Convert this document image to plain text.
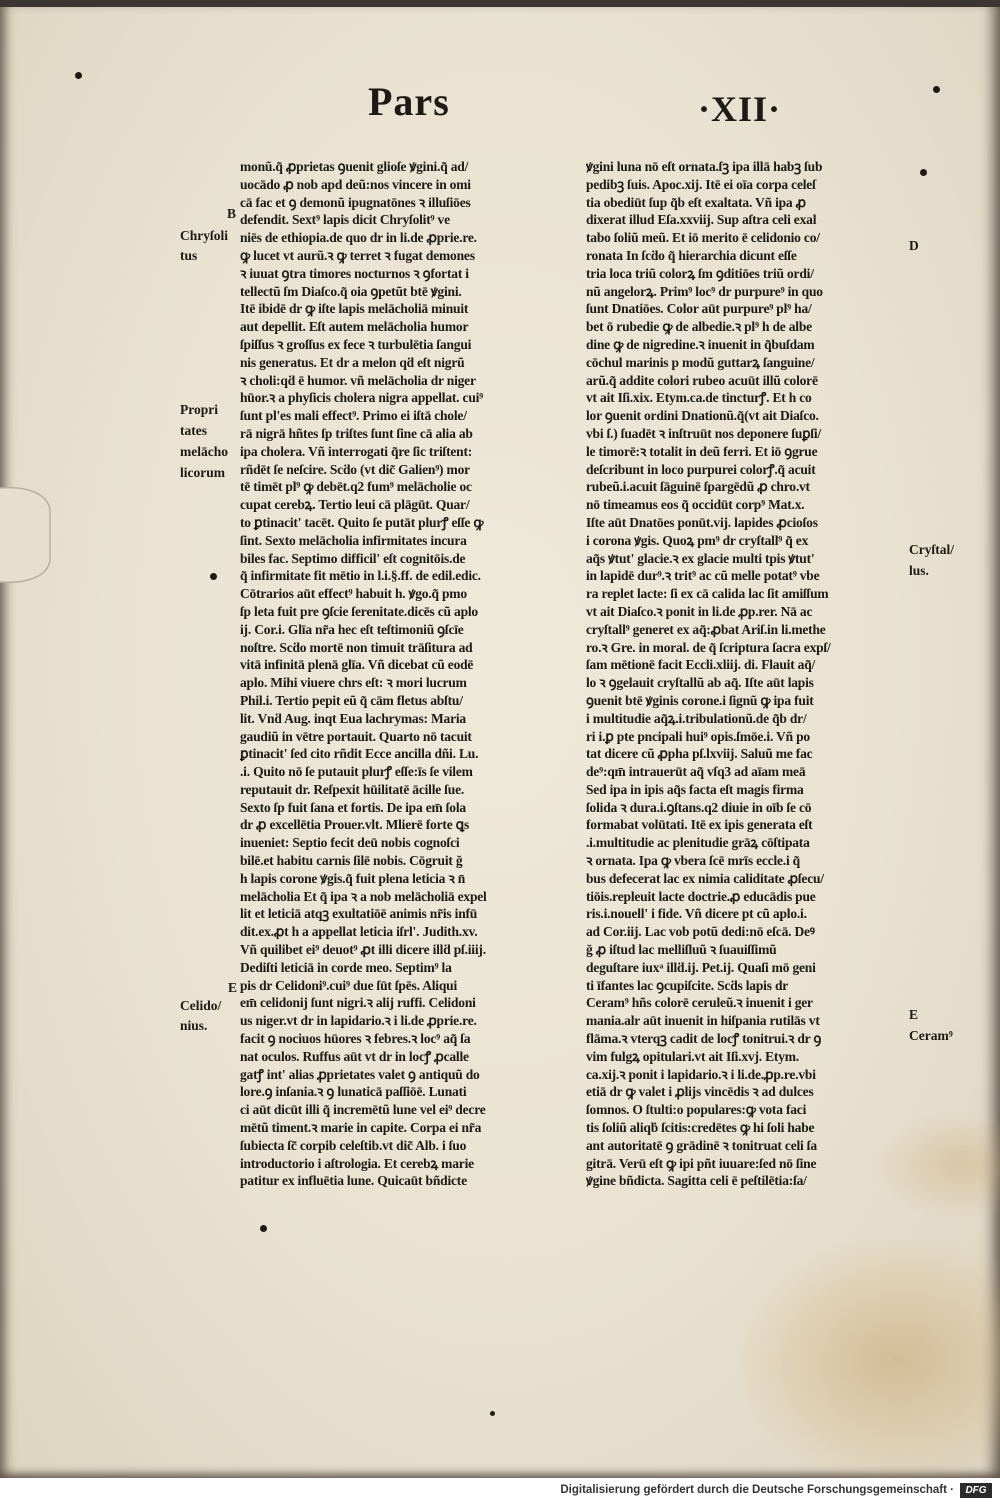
Pars	·XII·
monũ.q̃ ꝓprietas ꝯuenit glioſe ꝟgini.q̃ ad/
uocādo ꝓ nob apd deũ:nos vincere in omi
cā fac et ꝯ demonũ ipugnatōnes ꝛ illuſiōes
defendit. Sext⁹ lapis dicit Chryſolit⁹ ve
niēs de ethiopia.de quo dr in li.de ꝓprie.re.
ꝙ lucet vt aurũ.ꝛ ꝙ terret ꝛ fugat demones
ꝛ iuuat ꝯtra timores nocturnos ꝛ ꝯfortat i
tellectũ ſm Diaſco.q̃ oia ꝯpetũt btē ꝟgini.
Itē ibidē dr ꝙ iſte lapis melācholiā minuit
aut depellit. Eſt autem melācholia humor
ſpiſſus ꝛ groſſus ex fece ꝛ turbulētia ſangui
nis generatus. Et dr a melon qḋ eſt nigrũ
ꝛ choli:qḋ ē humor. vñ melācholia dr niger
hūor.ꝛ a phyſicis cholera nigra appellat. cui⁹
ſunt pl'es mali effect⁹. Primo ei iſtā chole/
rā nigrā hñtes ſp triſtes ſunt ſine cā alia ab
ipa cholera. Vñ interrogati q̃re ſic triſtent:
rñdēt ſe neſcire. Scḋo (vt dic̃ Galien⁹) mor
tē timēt pl⁹ ꝙ debēt.q2 fum⁹ melācholie oc
cupat cerebꝝ. Tertio leui cā plāgūt. Quar/
to ꝑtinacit' tacēt. Quito ſe putāt plurꝭ eſſe ꝙ
ſint. Sexto melācholia infirmitates incura
biles fac. Septimo difficil' eſt cognitōis.de
q̃ infirmitate fit mētio in l.i.§.ff. de edil.edic.
Cōtrarios aūt effect⁹ habuit h. ꝟgo.q̃ pmo
ſp leta fuit pre ꝯſcie ſerenitate.dicēs cũ aplo
ij. Cor.i. Glīa nr̃a hec eſt teſtimoniũ ꝯſcīe
noſtre. Scḋo mortē non timuit trāſitura ad
vitā infinitā plenā glīa. Vñ dicebat cũ eodē
aplo. Mihi viuere chrs eſt: ꝛ mori lucrum
Phil.i. Tertio pepit eũ q̃ cām fletus abſtu/
lit. Vnḋ Aug. inqt Eua lachrymas: Maria
gaudiũ in vētre portauit. Quarto nō tacuit
ꝑtinacit' ſed cito rñdit Ecce ancilla dñi. Lu.
.i. Quito nō ſe putauit plurꝭ eſſe:īs ſe vilem
reputauit dr. Reſpexit hūilitatē ācille ſue.
Sexto ſp fuit ſana et fortis. De ipa em̄ ſola
dr ꝓ excellētia Prouer.vlt. Mlierē forte ꝗs
inueniet: Septio fecit deū nobis cognoſci
bilē.et habitu carnis ſilē nobis. Cōgruit ğ
h lapis corone ꝟgis.q̃ fuit plena leticia ꝛ n̄
melācholia Et q̃ ipa ꝛ a nob melācholiā expel
lit et leticiā atqꝫ exultatiōē animis nr̃is infū
dit.ex.ꝓt h a appellat leticia iſrl'. Judith.xv.
Vñ quilibet ei⁹ deuot⁹ ꝓt illi dicere illḋ pſ.iiij.
Dediſti leticiā in corde meo. Septim⁹ la
pis dr Celidoni⁹.cui⁹ due ſūt ſpēs. Aliqui
em̄ celidonij ſunt nigri.ꝛ alij ruffi. Celidoni
us niger.vt dr in lapidario.ꝛ i li.de ꝓprie.re.
facit ꝯ nociuos hūores ꝛ febres.ꝛ loc⁹ aq̃ ſa
nat oculos. Ruffus aūt vt dr in locꝭ ꝓcalle
gatꝭ int' alias ꝓprietates valet ꝯ antiquũ do
lore.ꝯ inſania.ꝛ ꝯ lunaticā paſſiōē. Lunati
ci aūt dicūt illi q̃ incremētũ lune vel ei⁹ decre
mētũ timent.ꝛ marie in capite. Corpa ei nr̃a
ſubiecta ſc̃ corpib celeſtib.vt dic̃ Alb. i ſuo
introductorio i aſtrologia. Et cerebꝝ marie
patitur ex influētia lune. Quicaūt bñdicte
ꝟgini luna nō eſt ornata.ſꝫ ipa illā habꝫ ſub
pedibꝫ ſuis. Apoc.xij. Itē ei oīa corpa celeſ
tia obediūt ſup q̃b eſt exaltata. Vñ ipa ꝓ
dixerat illud Eſa.xxviij. Sup aſtra celi exal
tabo ſoliũ meũ. Et iō merito ē celidonio co/
ronata In ſcḋo q̃ hierarchia dicunt eſſe
tria loca triũ colorꝝ ſm ꝯditiōes triũ ordi/
nũ angelorꝝ. Prim⁹ loc⁹ dr purpure⁹ in quo
ſunt Dnatiōes. Color aūt purpure⁹ pl⁹ ha/
bet ō rubedie ꝙ de albedie.ꝛ pl⁹ h de albe
dine ꝙ de nigredine.ꝛ inuenit in q̃buſdam
cōchul marinis p modũ guttarꝝ ſanguine/
arũ.q̃ addite colori rubeo acuūt illũ colorē
vt ait Iſi.xix. Etym.ca.de tincturꝭ. Et h co
lor ꝯuenit ordini Dnationũ.q̃(vt ait Diaſco.
vbi ſ.) ſuadēt ꝛ inſtruūt nos deponere ſuꝑſi/
le timorē:ꝛ totalit in deũ ferri. Et iō ꝯgrue
deſcribunt in loco purpurei colorꝭ.q̃ acuit
rubeũ.i.acuit ſāguinē ſpargēdũ ꝓ chro.vt
nō timeamus eos q̃ occidūt corp⁹ Mat.x.
Iſte aūt Dnatōes ponūt.vij. lapides ꝓcioſos
i corona ꝟgis. Quoꝝ pm⁹ dr cryſtall⁹ q̃ ex
aq̃s ꝟtut' glacie.ꝛ ex glacie multi tpis ꝟtut'
in lapidē dur⁹.ꝛ trit⁹ ac cũ melle potat⁹ vbe
ra replet lacte: ſi ex cā calida lac ſit amiſſum
vt ait Diaſco.ꝛ ponit in li.de ꝓp.rer. Nā ac
cryſtall⁹ generet ex aq̃:ꝓbat Ariſ.in li.methe
ro.ꝛ Gre. in moral. de q̃ ſcriptura ſacra expſ/
ſam mētionē facit Eccli.xliij. di. Flauit aq̃/
lo ꝛ ꝯgelauit cryſtallũ ab aq̃. Iſte aūt lapis
ꝯuenit btē ꝟginis corone.i ſignũ ꝙ ipa fuit
i multitudie aq̃ꝝ.i.tribulationũ.de q̃b dr/
ri i.ꝑ pte pncipali hui⁹ opis.ſmōe.i. Vñ po
tat dicere cũ ꝓpha pſ.lxviij. Saluũ me fac
de⁹:qm̄ intrauerūt aq̃ vſq3 ad aīam meā
Sed ipa in ipis aq̃s facta eſt magis firma
ſolida ꝛ dura.i.ꝯſtans.q2 diuie in oīb ſe cō
formabat volūtati. Itē ex ipis generata eſt
.i.multitudie ac plenitudie grāꝝ cōſtipata
ꝛ ornata. Ipa ꝙ vbera ſcē mrīs eccle.i q̃
bus defecerat lac ex nimia caliditate ꝓſecu/
tiōis.repleuit lacte doctrie.ꝓ educādis pue
ris.i.nouell' i fide. Vñ dicere pt cũ aplo.i.
ad Cor.iij. Lac vob potũ dedi:nō eſcā. Deꝰ
ğ ꝓ iſtud lac melliſluũ ꝛ ſuauiſſimũ
deguſtare iuxͣ illḋ.ij. Pet.ij. Quaſi mō geni
ti īfantes lac ꝯcupiſcite. Scḋs lapis dr
Ceram⁹ hñs colorē ceruleũ.ꝛ inuenit i ger
mania.alr aūt inuenit in hiſpania rutilās vt
flāma.ꝛ vterqꝫ cadit de locꝭ tonitrui.ꝛ dr ꝯ
vim fulgꝝ opitulari.vt ait Iſi.xvj. Etym.
ca.xij.ꝛ ponit i lapidario.ꝛ i li.de.ꝓp.re.vbi
etiā dr ꝙ valet i ꝓlijs vincēdis ꝛ ad dulces
ſomnos. O ſtulti:o populares:ꝙ vota faci
tis ſoliũ aliqḃ ſcitis:credētes ꝙ hi ſoli habe
ant autoritatē ꝯ grādinē ꝛ tonitruat celi ſa
gitrā. Verū eſt ꝙ ipi pñt iuuare:ſed nō ſine
ꝟgine bñdicta. Sagitta celi ē peſtilētia:ſa/
B
Chryſoli
tus
Propri
tates
melācho
licorum
E
Celido/
nius.
D
Cryſtal/
lus.
E
Ceram⁹
Digitalisierung gefördert durch die Deutsche Forschungsgemeinschaft ·	DFG
